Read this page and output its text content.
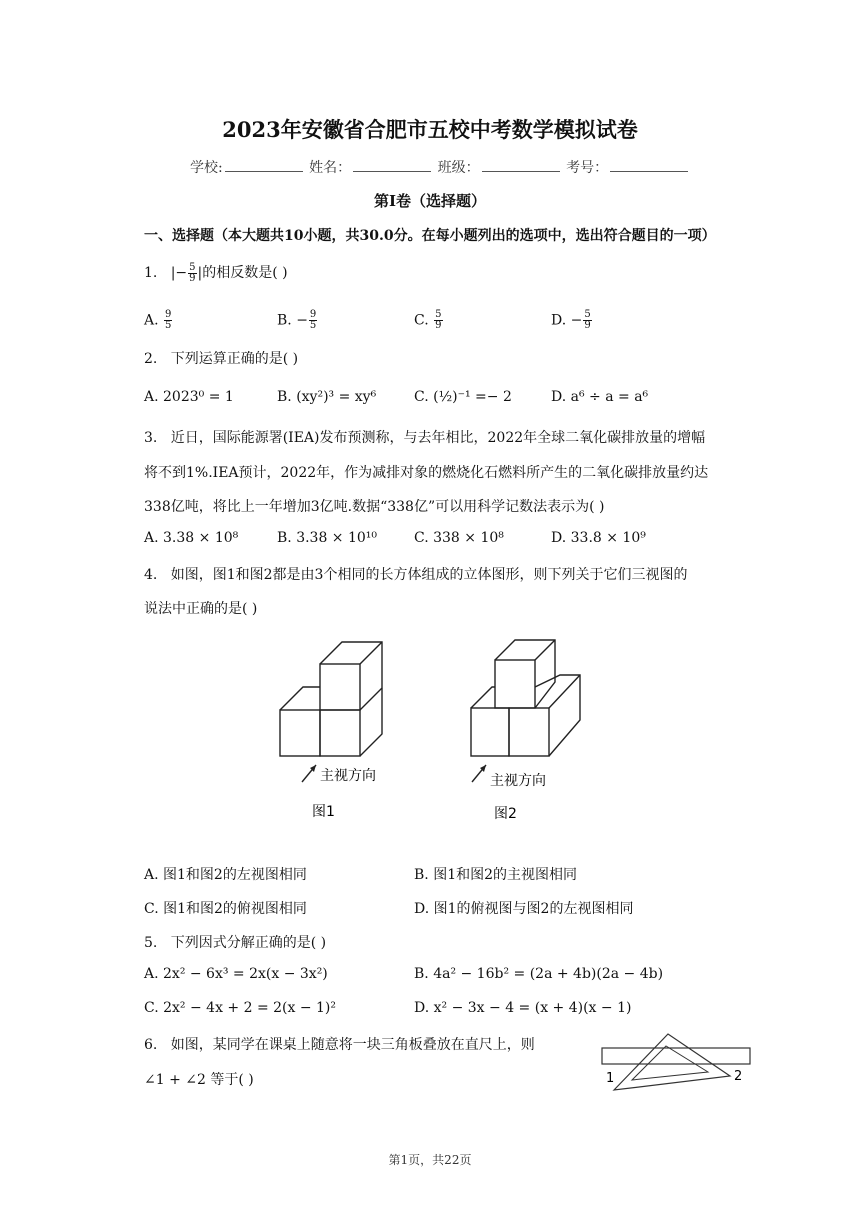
2023年安徽省合肥市五校中考数学模拟试卷
学校:	姓名：	班级：	考号：
第I卷（选择题）
一、选择题（本大题共10小题，共30.0分。在每小题列出的选项中，选出符合题目的一项）
1.   |− $\frac{5}{9}$ |的相反数是( )
A. $\frac{9}{5}$	B. − $\frac{9}{5}$	C. $\frac{5}{9}$	D. − $\frac{5}{9}$
2. 下列运算正确的是( )
A. 2023⁰ = 1	B. (xy²)³ = xy⁶	C. (½)⁻¹ =− 2	D. a⁶ ÷ a = a⁶
3. 近日，国际能源署(IEA)发布预测称，与去年相比，2022年全球二氧化碳排放量的增幅
将不到1%.IEA预计，2022年，作为减排对象的燃烧化石燃料所产生的二氧化碳排放量约达
338亿吨，将比上一年增加3亿吨.数据“338亿”可以用科学记数法表示为( )
A. 3.38 × 10⁸	B. 3.38 × 10¹⁰	C. 338 × 10⁸	D. 33.8 × 10⁹
4. 如图，图1和图2都是由3个相同的长方体组成的立体图形，则下列关于它们三视图的
说法中正确的是( )
主视方向
图1
主视方向
图2
A. 图1和图2的左视图相同	B. 图1和图2的主视图相同
C. 图1和图2的俯视图相同	D. 图1的俯视图与图2的左视图相同
5. 下列因式分解正确的是( )
A. 2x² − 6x³ = 2x(x − 3x²)	B. 4a² − 16b² = (2a + 4b)(2a − 4b)
C. 2x² − 4x + 2 = 2(x − 1)²	D. x² − 3x − 4 = (x + 4)(x − 1)
6. 如图，某同学在课桌上随意将一块三角板叠放在直尺上，则
∠1 + ∠2 等于( )	1	2
第1页，共22页
